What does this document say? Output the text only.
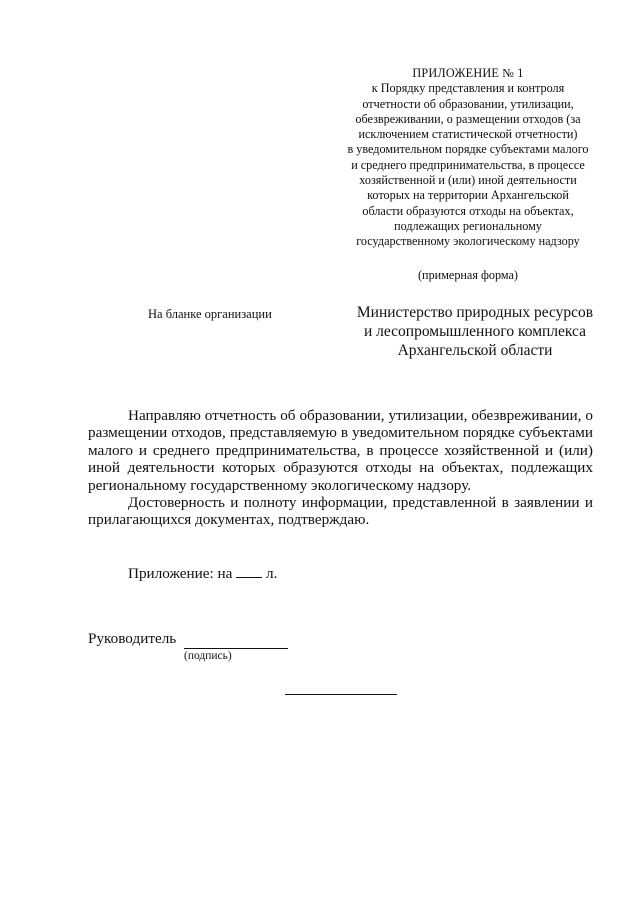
ПРИЛОЖЕНИЕ № 1
к Порядку представления и контроля
отчетности об образовании, утилизации,
обезвреживании, о размещении отходов (за
исключением статистической отчетности)
в уведомительном порядке субъектами малого
и среднего предпринимательства, в процессе
хозяйственной и (или) иной деятельности
которых на территории Архангельской
области образуются отходы на объектах,
подлежащих региональному
государственному экологическому надзору
(примерная форма)
На бланке организации	Министерство природных ресурсов
и лесопромышленного комплекса
Архангельской области

Направляю отчетность об образовании, утилизации, обезвреживании, о размещении отходов, представляемую в уведомительном порядке субъектами малого и среднего предпринимательства, в процессе хозяйственной и (или) иной деятельности которых образуются отходы на объектах, подлежащих региональному государственному экологическому надзору.

Достоверность и полноту информации, представленной в заявлении и прилагающихся документах, подтверждаю.

Приложение: на л.
Руководитель
(подпись)
